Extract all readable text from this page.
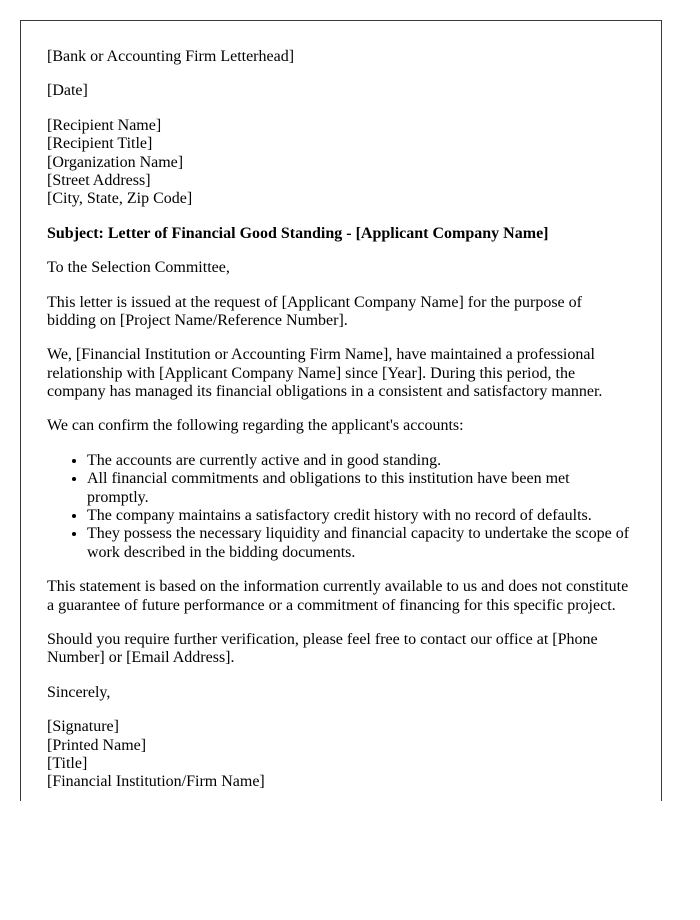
[Bank or Accounting Firm Letterhead]

[Date]

[Recipient Name]
[Recipient Title]
[Organization Name]
[Street Address]
[City, State, Zip Code]

Subject: Letter of Financial Good Standing - [Applicant Company Name]

To the Selection Committee,

This letter is issued at the request of [Applicant Company Name] for the purpose of bidding on [Project Name/Reference Number].

We, [Financial Institution or Accounting Firm Name], have maintained a professional relationship with [Applicant Company Name] since [Year]. During this period, the company has managed its financial obligations in a consistent and satisfactory manner.

We can confirm the following regarding the applicant's accounts:

• The accounts are currently active and in good standing.
• All financial commitments and obligations to this institution have been met promptly.
• The company maintains a satisfactory credit history with no record of defaults.
• They possess the necessary liquidity and financial capacity to undertake the scope of work described in the bidding documents.

This statement is based on the information currently available to us and does not constitute a guarantee of future performance or a commitment of financing for this specific project.

Should you require further verification, please feel free to contact our office at [Phone Number] or [Email Address].

Sincerely,

[Signature]
[Printed Name]
[Title]
[Financial Institution/Firm Name]
